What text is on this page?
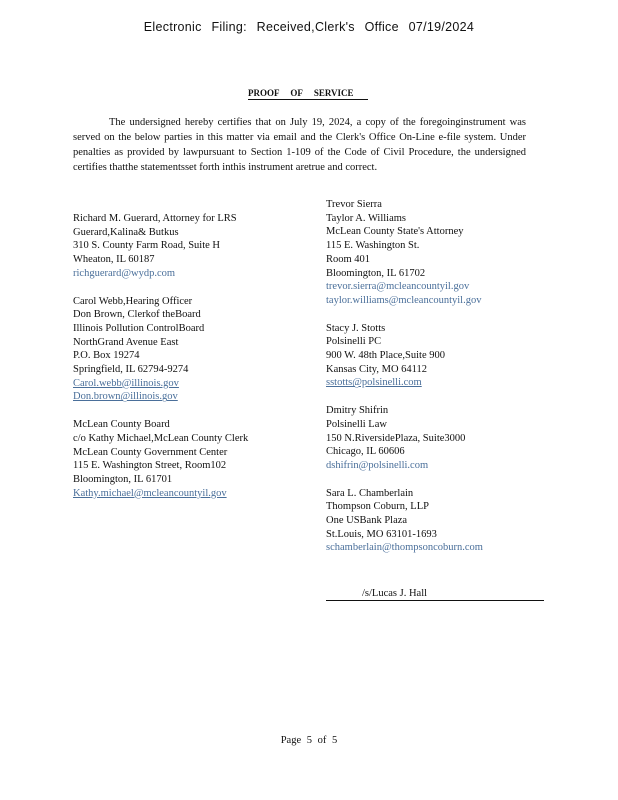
Electronic Filing: Received,Clerk's Office 07/19/2024
PROOF OF SERVICE

The undersigned hereby certifies that on July 19, 2024, a copy of the foregoinginstrument was served on the below parties in this matter via email and the Clerk's Office On-Line e-file system. Under penalties as provided by lawpursuant to Section 1-109 of the Code of Civil Procedure, the undersigned certifies thatthe statementsset forth inthis instrument aretrue and correct.

Richard M. Guerard, Attorney for LRS
Guerard,Kalina& Butkus
310 S. County Farm Road, Suite H
Wheaton, IL 60187
richguerard@wydp.com
Carol Webb,Hearing Officer
Don Brown, Clerkof theBoard
Illinois Pollution ControlBoard
NorthGrand Avenue East
P.O. Box 19274
Springfield, IL 62794-9274
Carol.webb@illinois.gov
Don.brown@illinois.gov
McLean County Board
c/o Kathy Michael,McLean County Clerk
McLean County Government Center
115 E. Washington Street, Room102
Bloomington, IL 61701
Kathy.michael@mcleancountyil.gov
Trevor Sierra
Taylor A. Williams
McLean County State's Attorney
115 E. Washington St.
Room 401
Bloomington, IL 61702
trevor.sierra@mcleancountyil.gov
taylor.williams@mcleancountyil.gov
Stacy J. Stotts
Polsinelli PC
900 W. 48th Place,Suite 900
Kansas City, MO 64112
sstotts@polsinelli.com
Dmitry Shifrin
Polsinelli Law
150 N.RiversidePlaza, Suite3000
Chicago, IL 60606
dshifrin@polsinelli.com
Sara L. Chamberlain
Thompson Coburn, LLP
One USBank Plaza
St.Louis, MO 63101-1693
schamberlain@thompsoncoburn.com
/s/Lucas J. Hall
Page 5 of 5
